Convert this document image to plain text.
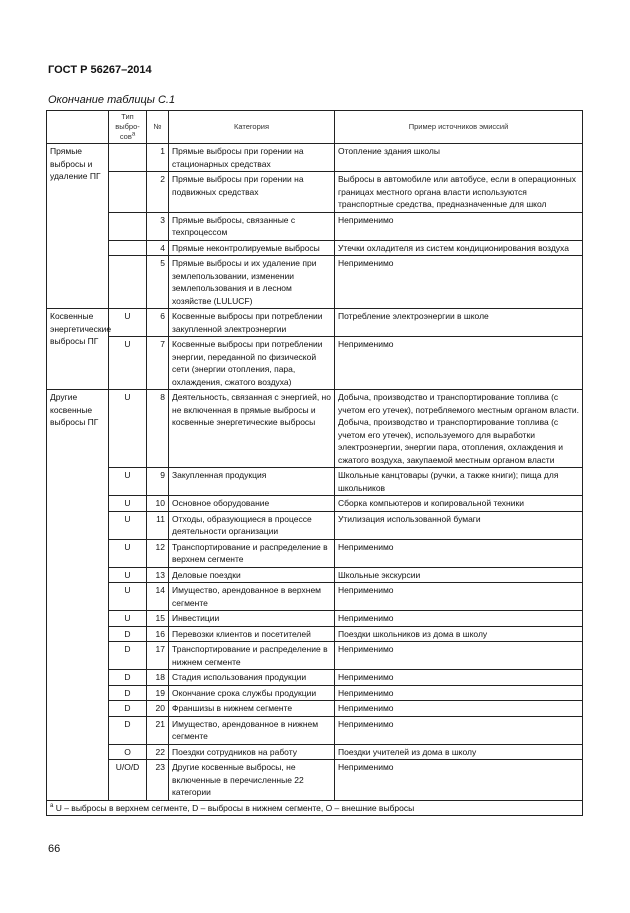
ГОСТ Р 56267–2014
Окончание таблицы С.1
	Тип выбро-сов$^a$	№	Категория	Пример источников эмиссий
Прямые выбросы и удаление ПГ		1	Прямые выбросы при горении на стационарных средствах	Отопление здания школы
		2	Прямые выбросы при горении на подвижных средствах	Выбросы в автомобиле или автобусе, если в операционных границах местного органа власти используются транспортные средства, предназначенные для школ
		3	Прямые выбросы, связанные с техпроцессом	Неприменимо
		4	Прямые неконтролируемые выбросы	Утечки охладителя из систем кондиционирования воздуха
		5	Прямые выбросы и их удаление при землепользовании, изменении землепользования и в лесном хозяйстве (LULUCF)	Неприменимо
Косвенные энергетические выбросы ПГ	U	6	Косвенные выбросы при потреблении закупленной электроэнергии	Потребление электроэнергии в школе
	U	7	Косвенные выбросы при потреблении энергии, переданной по физической сети (энергии отопления, пара, охлаждения, сжатого воздуха)	Неприменимо
Другие косвенные выбросы ПГ	U	8	Деятельность, связанная с энергией, но не включенная в прямые выбросы и косвенные энергетические выбросы	Добыча, производство и транспортирование топлива (с учетом его утечек), потребляемого местным органом власти.
Добыча, производство и транспортирование топлива (с учетом его утечек), используемого для выработки электроэнергии, энергии пара, отопления, охлаждения и сжатого воздуха, закупаемой местным органом власти
	U	9	Закупленная продукция	Школьные канцтовары (ручки, а также книги); пища для школьников
	U	10	Основное оборудование	Сборка компьютеров и копировальной техники
	U	11	Отходы, образующиеся в процессе деятельности организации	Утилизация использованной бумаги
	U	12	Транспортирование и распределение в верхнем сегменте	Неприменимо
	U	13	Деловые поездки	Школьные экскурсии
	U	14	Имущество, арендованное в верхнем сегменте	Неприменимо
	U	15	Инвестиции	Неприменимо
	D	16	Перевозки клиентов и посетителей	Поездки школьников из дома в школу
	D	17	Транспортирование и распределение в нижнем сегменте	Неприменимо
	D	18	Стадия использования продукции	Неприменимо
	D	19	Окончание срока службы продукции	Неприменимо
	D	20	Франшизы в нижнем сегменте	Неприменимо
	D	21	Имущество, арендованное в нижнем сегменте	Неприменимо
	O	22	Поездки сотрудников на работу	Поездки учителей из дома в школу
	U/O/D	23	Другие косвенные выбросы, не включенные в перечисленные 22 категории	Неприменимо
$^a$ U – выбросы в верхнем сегменте, D – выбросы в нижнем сегменте, O – внешние выбросы				
66
